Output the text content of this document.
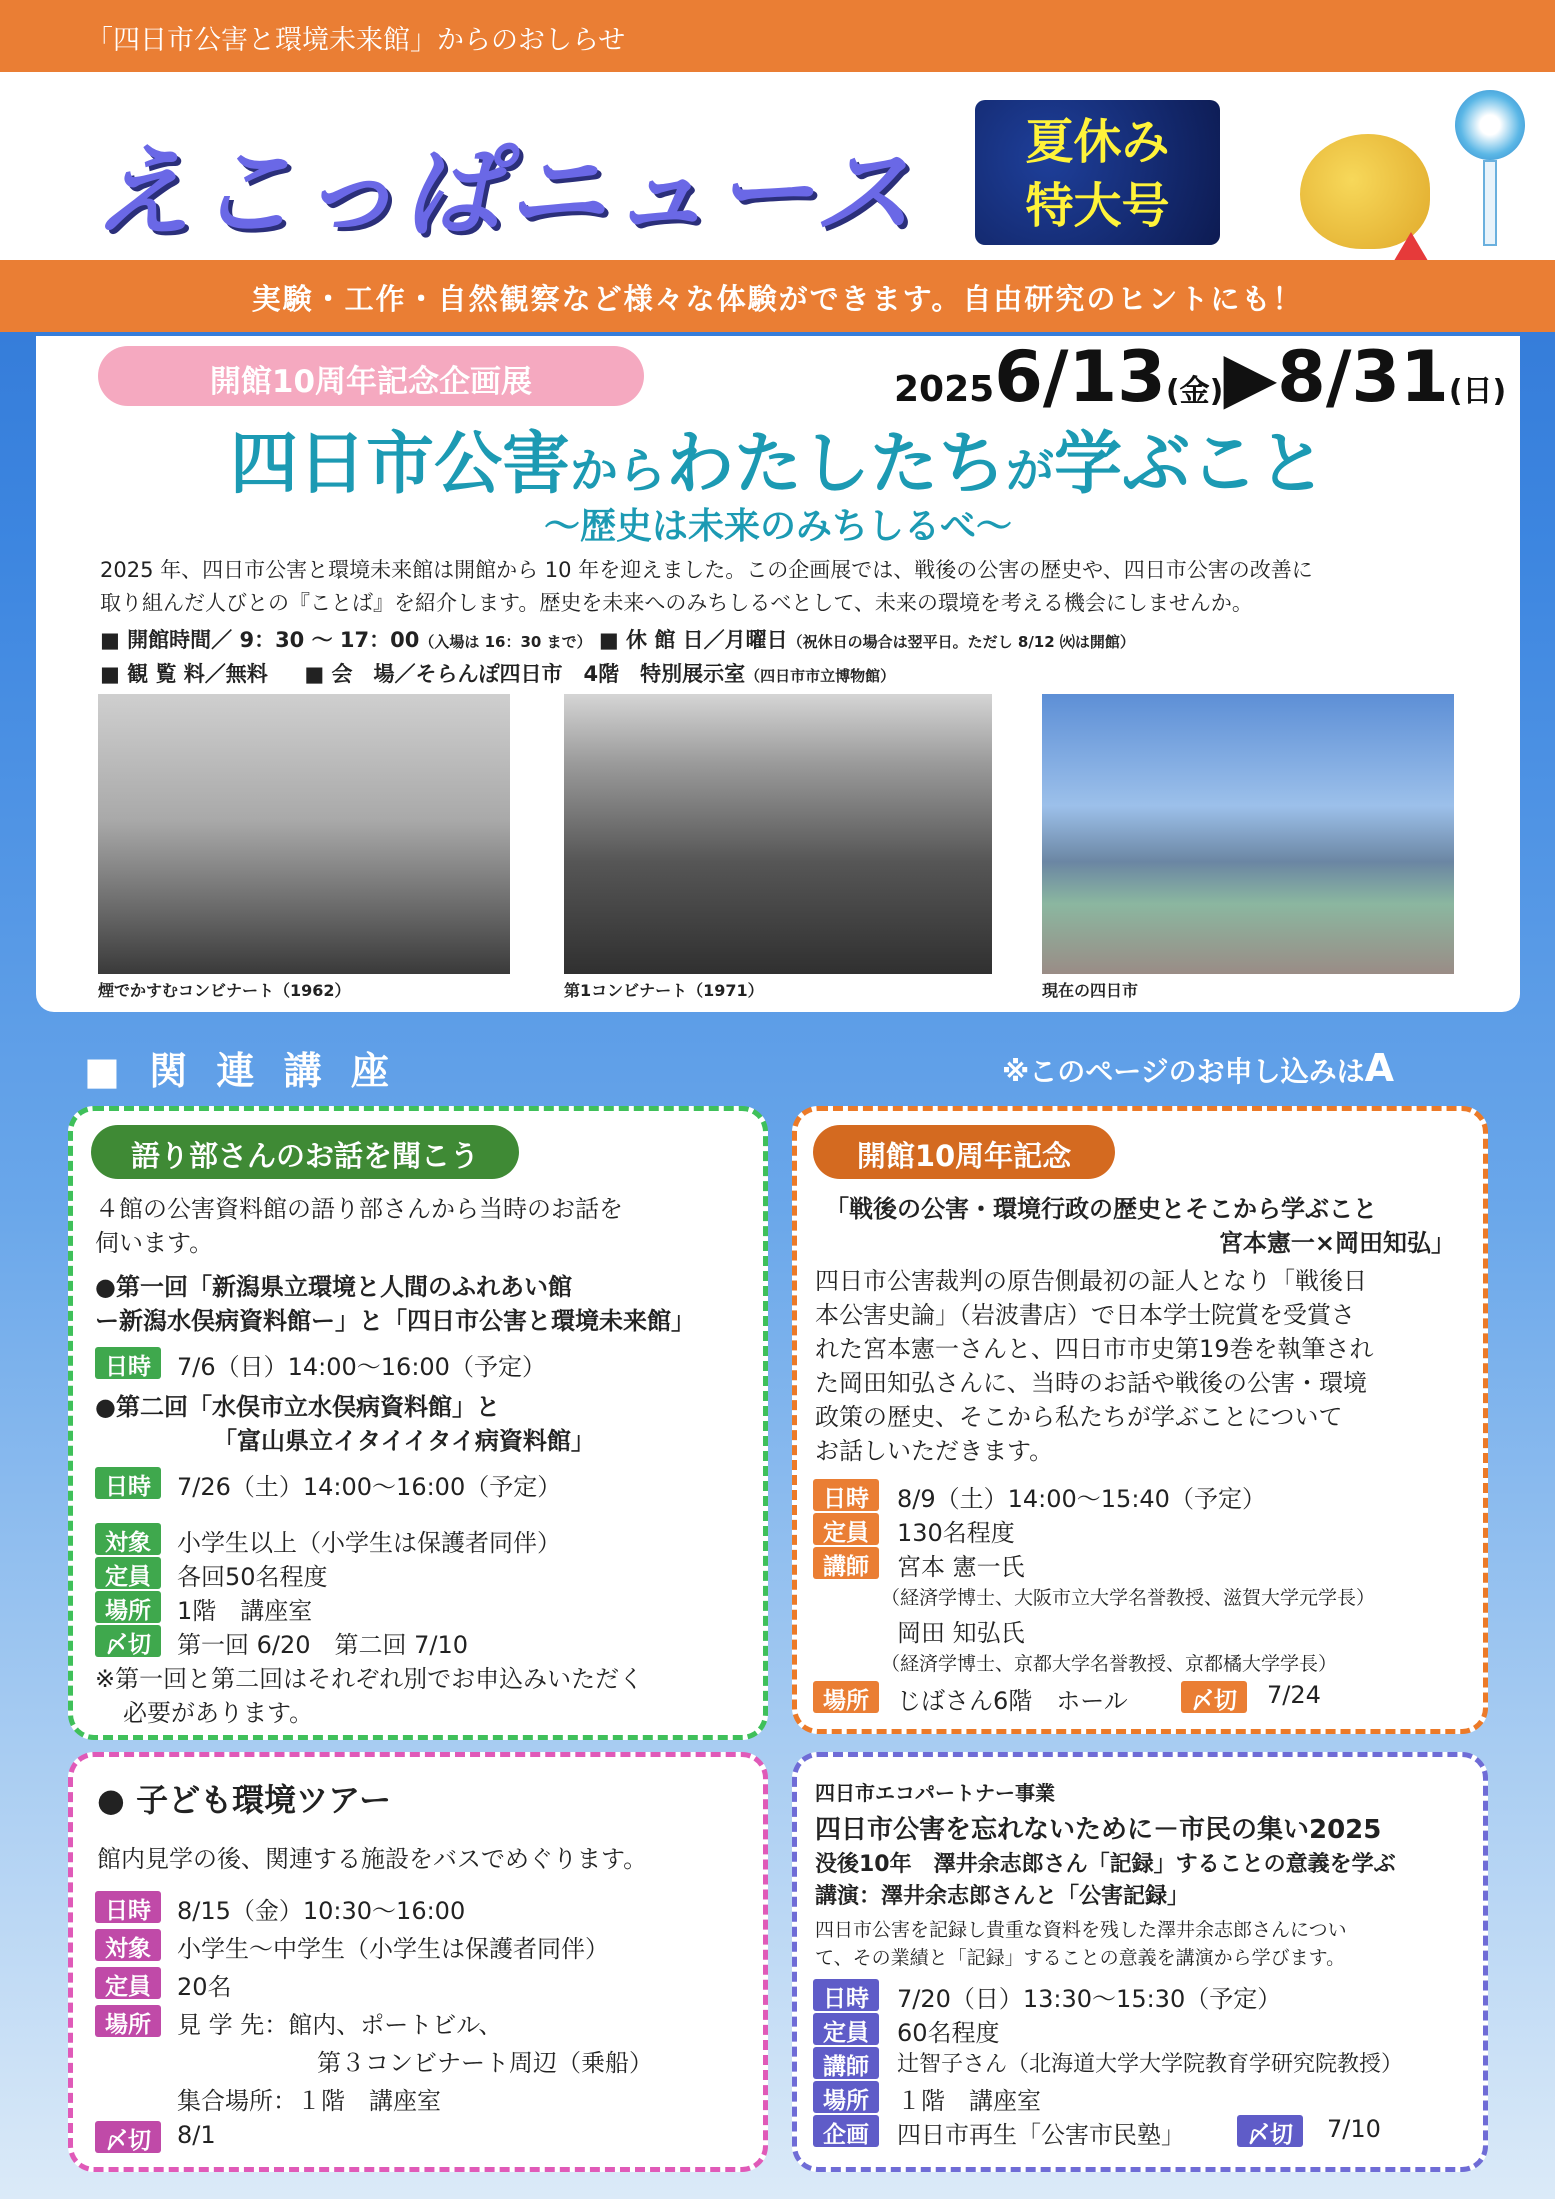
「四日市公害と環境未来館」からのおしらせ
えこっぱニュース	夏休み
特大号
実験・工作・自然観察など様々な体験ができます。自由研究のヒントにも！
開館10周年記念企画展	20256/13(金)▶8/31(日)
四日市公害からわたしたちが学ぶこと
～歴史は未来のみちしるべ～
2025 年、四日市公害と環境未来館は開館から 10 年を迎えました。この企画展では、戦後の公害の歴史や、四日市公害の改善に
取り組んだ人びとの『ことば』を紹介します。歴史を未来へのみちしるべとして、未来の環境を考える機会にしませんか。
■ 開館時間／ 9：30 ～ 17：00（入場は 16：30 まで） ■ 休 館 日／月曜日（祝休日の場合は翌平日。ただし 8/12 ㈫は開館）
■ 観 覧 料／無料 ■ 会　場／そらんぽ四日市　4階　特別展示室（四日市市立博物館）
煙でかすむコンビナート（1962）	第1コンビナート（1971）	現在の四日市
■ 関 連 講 座	※このページのお申し込みはA
語り部さんのお話を聞こう
４館の公害資料館の語り部さんから当時のお話を
伺います。
●第一回「新潟県立環境と人間のふれあい館
ー新潟水俣病資料館ー」と「四日市公害と環境未来館」
日時	7/6（日）14:00～16:00（予定）
●第二回「水俣市立水俣病資料館」と
「富山県立イタイイタイ病資料館」
日時	7/26（土）14:00～16:00（予定）
対象	小学生以上（小学生は保護者同伴）
定員	各回50名程度
場所	1階　講座室
〆切	第一回 6/20　第二回 7/10
※第一回と第二回はそれぞれ別でお申込みいただく
必要があります。
開館10周年記念
「戦後の公害・環境行政の歴史とそこから学ぶこと
宮本憲一×岡田知弘」
四日市公害裁判の原告側最初の証人となり「戦後日
本公害史論」（岩波書店）で日本学士院賞を受賞さ
れた宮本憲一さんと、四日市市史第19巻を執筆され
た岡田知弘さんに、当時のお話や戦後の公害・環境
政策の歴史、そこから私たちが学ぶことについて
お話しいただきます。
日時	8/9（土）14:00～15:40（予定）
定員	130名程度
講師	宮本 憲一氏
（経済学博士、大阪市立大学名誉教授、滋賀大学元学長）
岡田 知弘氏
（経済学博士、京都大学名誉教授、京都橘大学学長）
場所	じばさん6階　ホール	〆切	7/24
● 子ども環境ツアー
館内見学の後、関連する施設をバスでめぐります。
日時	8/15（金）10:30～16:00
対象	小学生～中学生（小学生は保護者同伴）
定員	20名
場所	見 学 先：館内、ポートビル、
第３コンビナート周辺（乗船）
集合場所：１階　講座室
〆切	8/1
四日市エコパートナー事業
四日市公害を忘れないために－市民の集い2025
没後10年　澤井余志郎さん「記録」することの意義を学ぶ
講演：澤井余志郎さんと「公害記録」
四日市公害を記録し貴重な資料を残した澤井余志郎さんについ
て、その業績と「記録」することの意義を講演から学びます。
日時	7/20（日）13:30～15:30（予定）
定員	60名程度
講師	辻智子さん（北海道大学大学院教育学研究院教授）
場所	１階　講座室
企画	四日市再生「公害市民塾」	〆切	7/10
